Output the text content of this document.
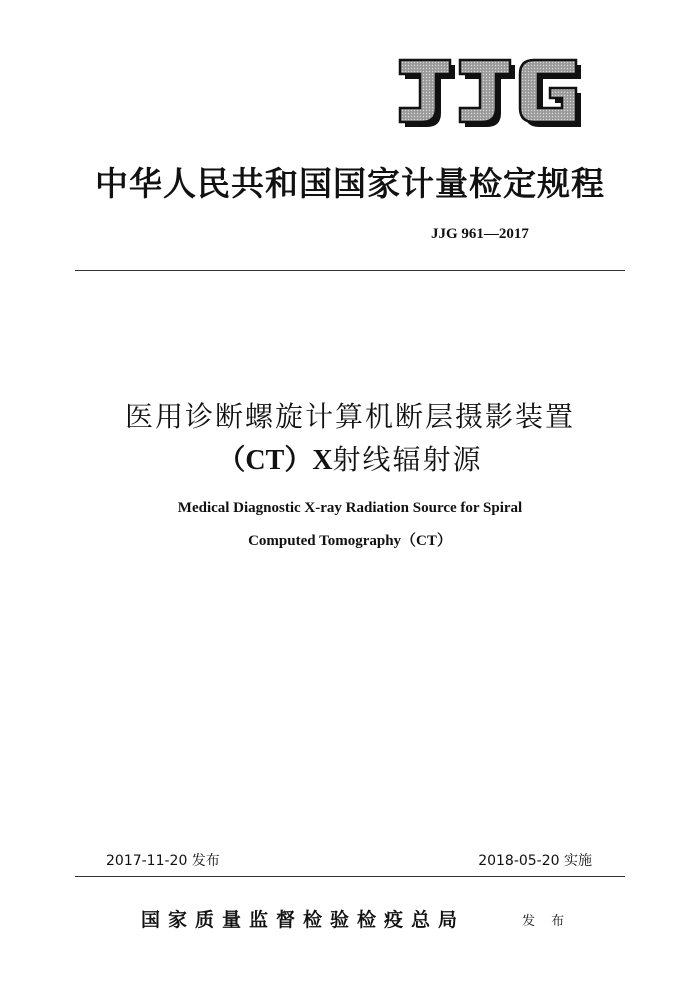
中华人民共和国国家计量检定规程
JJG 961—2017
医用诊断螺旋计算机断层摄影装置
（CT）X射线辐射源
Medical Diagnostic X-ray Radiation Source for Spiral
Computed Tomography（CT）
2017-11-20 发布	2018-05-20 实施
国家质量监督检验检疫总局	发 布
